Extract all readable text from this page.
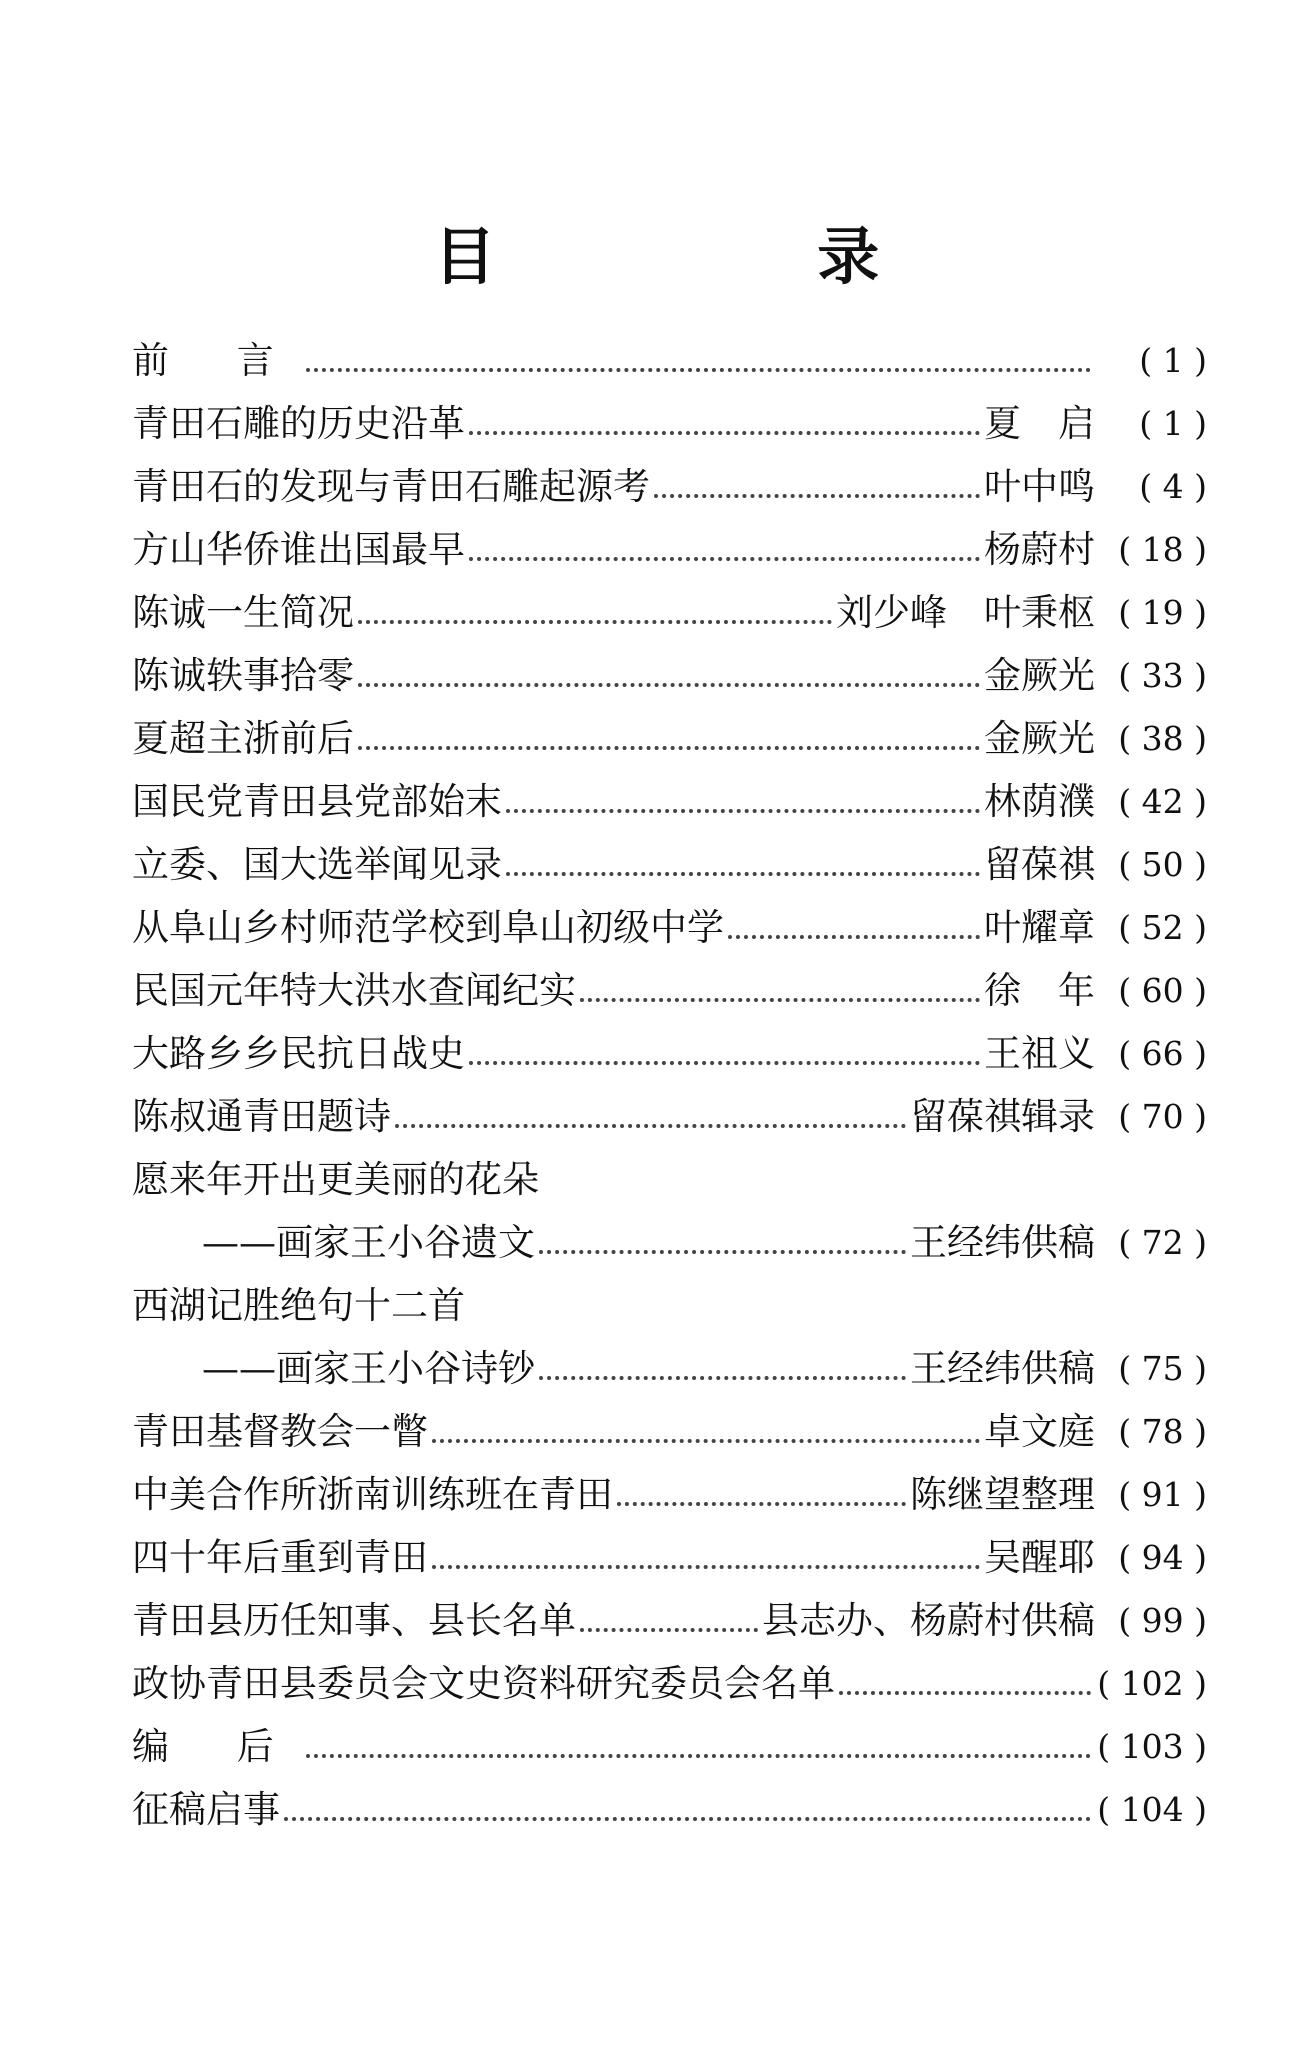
目 录
前 言	( 1 )
青田石雕的历史沿革	夏　启	( 1 )
青田石的发现与青田石雕起源考	叶中鸣	( 4 )
方山华侨谁出国最早	杨蔚村 ( 18 )
陈诚一生简况	刘少峰　叶秉枢 ( 19 )
陈诚轶事拾零	金厥光 ( 33 )
夏超主浙前后	金厥光 ( 38 )
国民党青田县党部始末	林荫濮 ( 42 )
立委、国大选举闻见录	留葆祺 ( 50 )
从阜山乡村师范学校到阜山初级中学	叶耀章 ( 52 )
民国元年特大洪水查闻纪实	徐　年 ( 60 )
大路乡乡民抗日战史	王祖义 ( 66 )
陈叔通青田题诗	留葆祺辑录 ( 70 )
愿来年开出更美丽的花朵
——画家王小谷遗文	王经纬供稿 ( 72 )
西湖记胜绝句十二首
——画家王小谷诗钞	王经纬供稿 ( 75 )
青田基督教会一瞥	卓文庭 ( 78 )
中美合作所浙南训练班在青田	陈继望整理 ( 91 )
四十年后重到青田	吴醒耶 ( 94 )
青田县历任知事、县长名单	县志办、杨蔚村供稿 ( 99 )
政协青田县委员会文史资料研究委员会名单	( 102 )
编 后	( 103 )
征稿启事	( 104 )
